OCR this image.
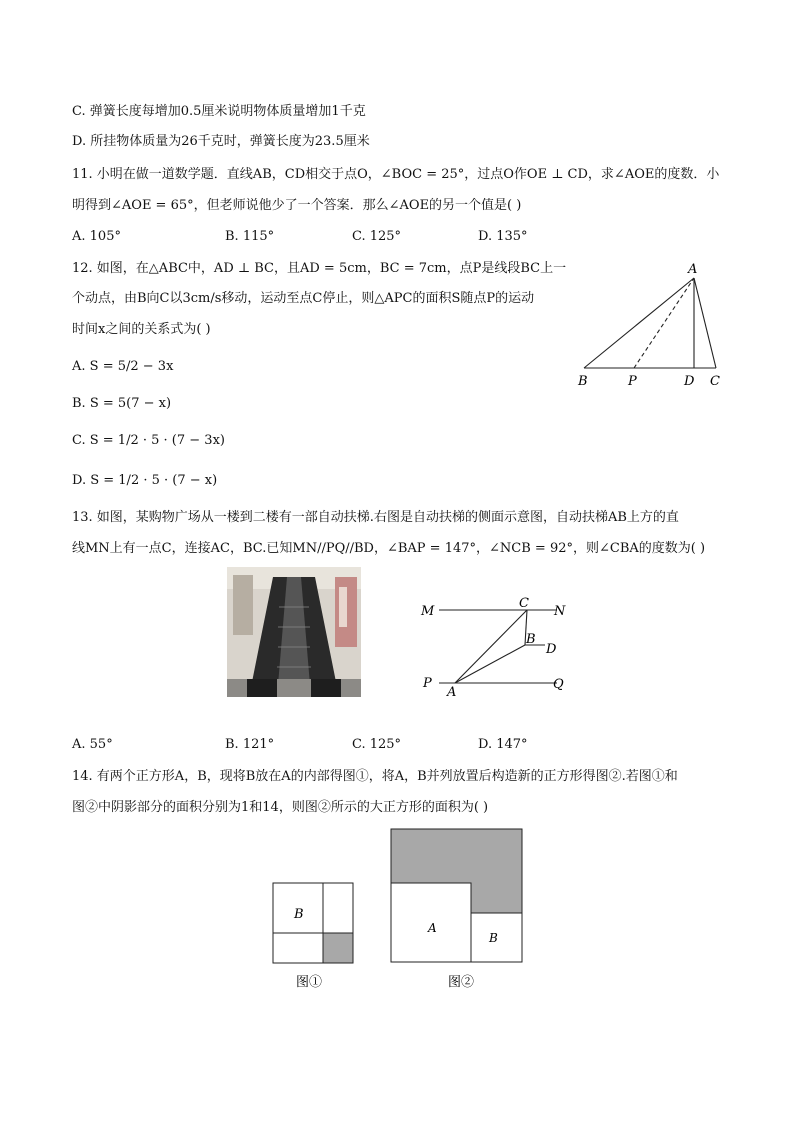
C. 弹簧长度每增加0.5厘米说明物体质量增加1千克
D. 所挂物体质量为26千克时，弹簧长度为23.5厘米
11. 小明在做一道数学题．直线AB，CD相交于点O，∠BOC = 25°，过点O作OE ⊥ CD，求∠AOE的度数．小
明得到∠AOE = 65°，但老师说他少了一个答案．那么∠AOE的另一个值是( )
A. 105°	B. 115°	C. 125°	D. 135°
12. 如图，在△ABC中，AD ⊥ BC，且AD = 5cm，BC = 7cm，点P是线段BC上一
个动点，由B向C以3cm/s移动，运动至点C停止，则△APC的面积S随点P的运动
时间x之间的关系式为( )
A. S = 5/2 − 3x
B. S = 5(7 − x)
C. S = 1/2 · 5 · (7 − 3x)
D. S = 1/2 · 5 · (7 − x)
A
B	P	D C
13. 如图，某购物广场从一楼到二楼有一部自动扶梯.右图是自动扶梯的侧面示意图，自动扶梯AB上方的直
线MN上有一点C，连接AC，BC.已知MN//PQ//BD，∠BAP = 147°，∠NCB = 92°，则∠CBA的度数为( )
M
C
N
B
D
P
A
Q
A. 55°	B. 121°	C. 125°	D. 147°
14. 有两个正方形A，B，现将B放在A的内部得图①，将A，B并列放置后构造新的正方形得图②.若图①和
图②中阴影部分的面积分别为1和14，则图②所示的大正方形的面积为( )
B
图①
A
B
图②
